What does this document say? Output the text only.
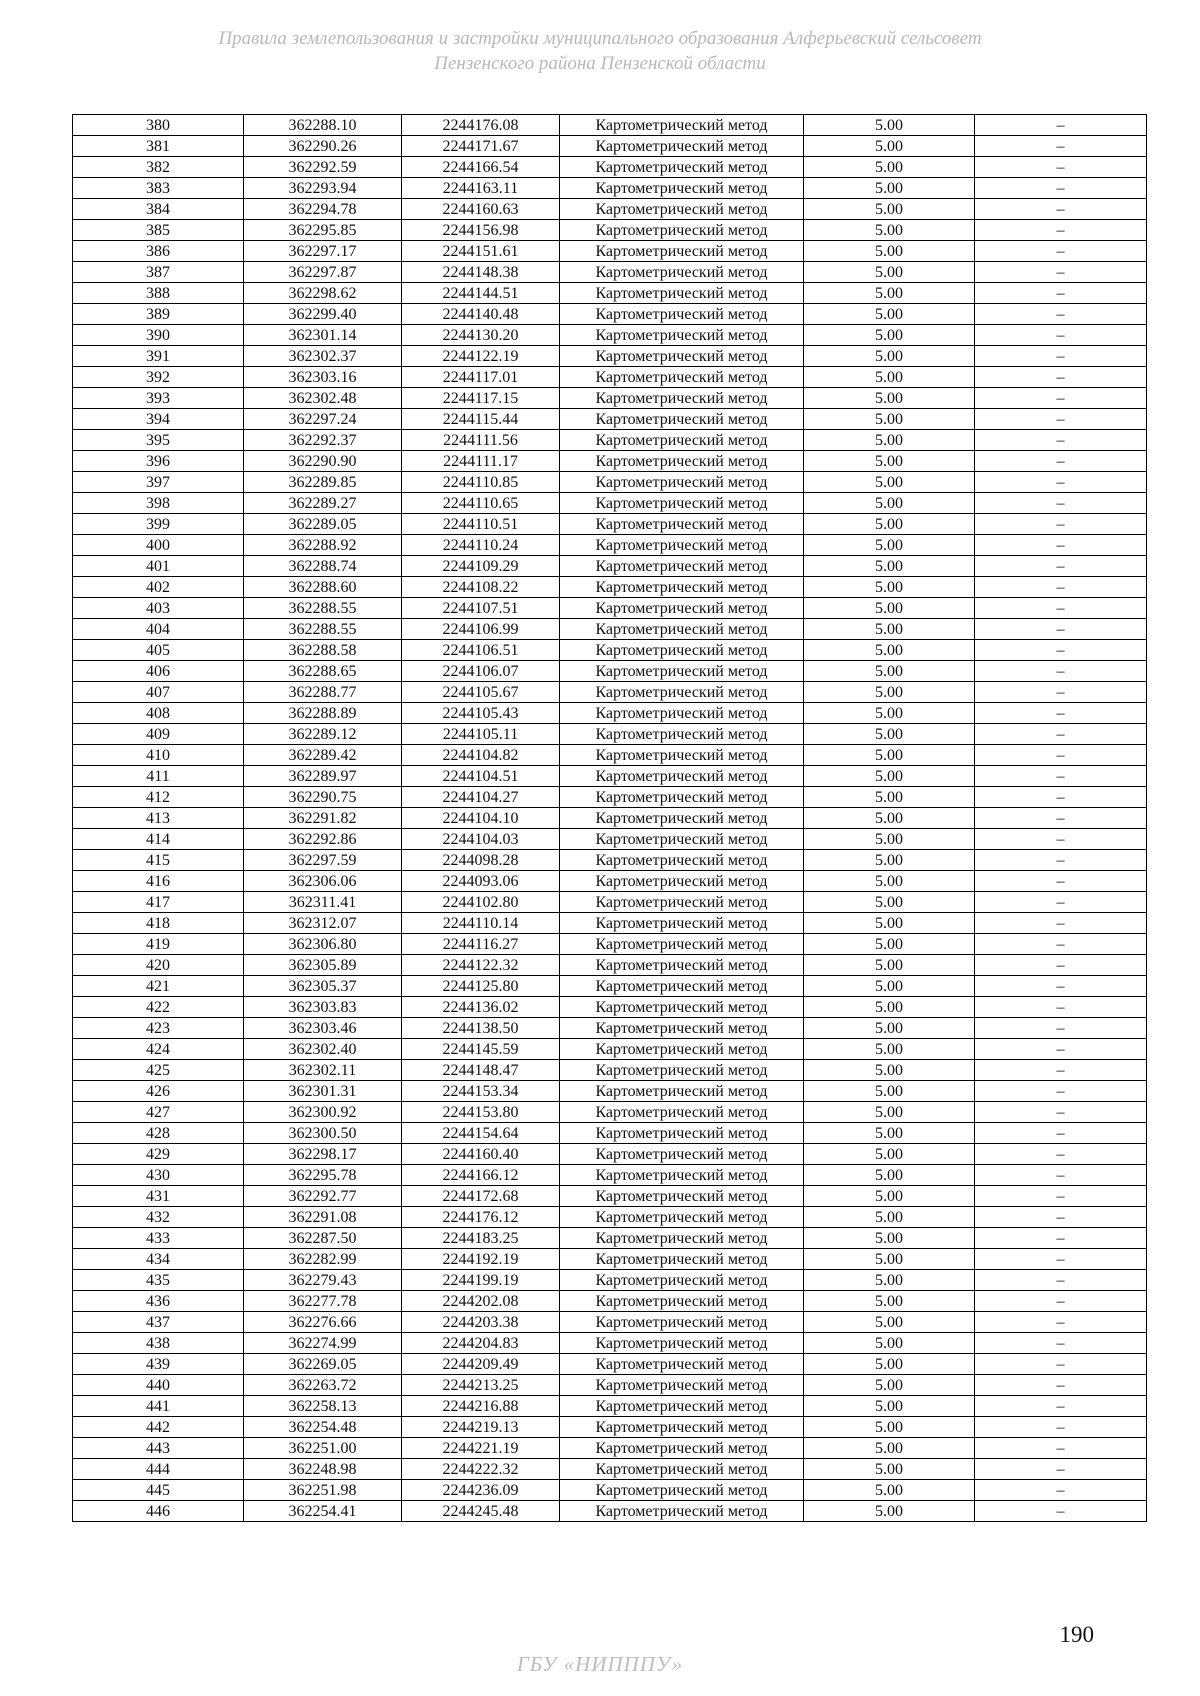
Правила землепользования и застройки муниципального образования Алферьевский сельсовет
Пензенского района Пензенской области
380	362288.10	2244176.08	Картометрический метод	5.00	–
381	362290.26	2244171.67	Картометрический метод	5.00	–
382	362292.59	2244166.54	Картометрический метод	5.00	–
383	362293.94	2244163.11	Картометрический метод	5.00	–
384	362294.78	2244160.63	Картометрический метод	5.00	–
385	362295.85	2244156.98	Картометрический метод	5.00	–
386	362297.17	2244151.61	Картометрический метод	5.00	–
387	362297.87	2244148.38	Картометрический метод	5.00	–
388	362298.62	2244144.51	Картометрический метод	5.00	–
389	362299.40	2244140.48	Картометрический метод	5.00	–
390	362301.14	2244130.20	Картометрический метод	5.00	–
391	362302.37	2244122.19	Картометрический метод	5.00	–
392	362303.16	2244117.01	Картометрический метод	5.00	–
393	362302.48	2244117.15	Картометрический метод	5.00	–
394	362297.24	2244115.44	Картометрический метод	5.00	–
395	362292.37	2244111.56	Картометрический метод	5.00	–
396	362290.90	2244111.17	Картометрический метод	5.00	–
397	362289.85	2244110.85	Картометрический метод	5.00	–
398	362289.27	2244110.65	Картометрический метод	5.00	–
399	362289.05	2244110.51	Картометрический метод	5.00	–
400	362288.92	2244110.24	Картометрический метод	5.00	–
401	362288.74	2244109.29	Картометрический метод	5.00	–
402	362288.60	2244108.22	Картометрический метод	5.00	–
403	362288.55	2244107.51	Картометрический метод	5.00	–
404	362288.55	2244106.99	Картометрический метод	5.00	–
405	362288.58	2244106.51	Картометрический метод	5.00	–
406	362288.65	2244106.07	Картометрический метод	5.00	–
407	362288.77	2244105.67	Картометрический метод	5.00	–
408	362288.89	2244105.43	Картометрический метод	5.00	–
409	362289.12	2244105.11	Картометрический метод	5.00	–
410	362289.42	2244104.82	Картометрический метод	5.00	–
411	362289.97	2244104.51	Картометрический метод	5.00	–
412	362290.75	2244104.27	Картометрический метод	5.00	–
413	362291.82	2244104.10	Картометрический метод	5.00	–
414	362292.86	2244104.03	Картометрический метод	5.00	–
415	362297.59	2244098.28	Картометрический метод	5.00	–
416	362306.06	2244093.06	Картометрический метод	5.00	–
417	362311.41	2244102.80	Картометрический метод	5.00	–
418	362312.07	2244110.14	Картометрический метод	5.00	–
419	362306.80	2244116.27	Картометрический метод	5.00	–
420	362305.89	2244122.32	Картометрический метод	5.00	–
421	362305.37	2244125.80	Картометрический метод	5.00	–
422	362303.83	2244136.02	Картометрический метод	5.00	–
423	362303.46	2244138.50	Картометрический метод	5.00	–
424	362302.40	2244145.59	Картометрический метод	5.00	–
425	362302.11	2244148.47	Картометрический метод	5.00	–
426	362301.31	2244153.34	Картометрический метод	5.00	–
427	362300.92	2244153.80	Картометрический метод	5.00	–
428	362300.50	2244154.64	Картометрический метод	5.00	–
429	362298.17	2244160.40	Картометрический метод	5.00	–
430	362295.78	2244166.12	Картометрический метод	5.00	–
431	362292.77	2244172.68	Картометрический метод	5.00	–
432	362291.08	2244176.12	Картометрический метод	5.00	–
433	362287.50	2244183.25	Картометрический метод	5.00	–
434	362282.99	2244192.19	Картометрический метод	5.00	–
435	362279.43	2244199.19	Картометрический метод	5.00	–
436	362277.78	2244202.08	Картометрический метод	5.00	–
437	362276.66	2244203.38	Картометрический метод	5.00	–
438	362274.99	2244204.83	Картометрический метод	5.00	–
439	362269.05	2244209.49	Картометрический метод	5.00	–
440	362263.72	2244213.25	Картометрический метод	5.00	–
441	362258.13	2244216.88	Картометрический метод	5.00	–
442	362254.48	2244219.13	Картометрический метод	5.00	–
443	362251.00	2244221.19	Картометрический метод	5.00	–
444	362248.98	2244222.32	Картометрический метод	5.00	–
445	362251.98	2244236.09	Картометрический метод	5.00	–
446	362254.41	2244245.48	Картометрический метод	5.00	–
190
ГБУ «НИПППУ»
